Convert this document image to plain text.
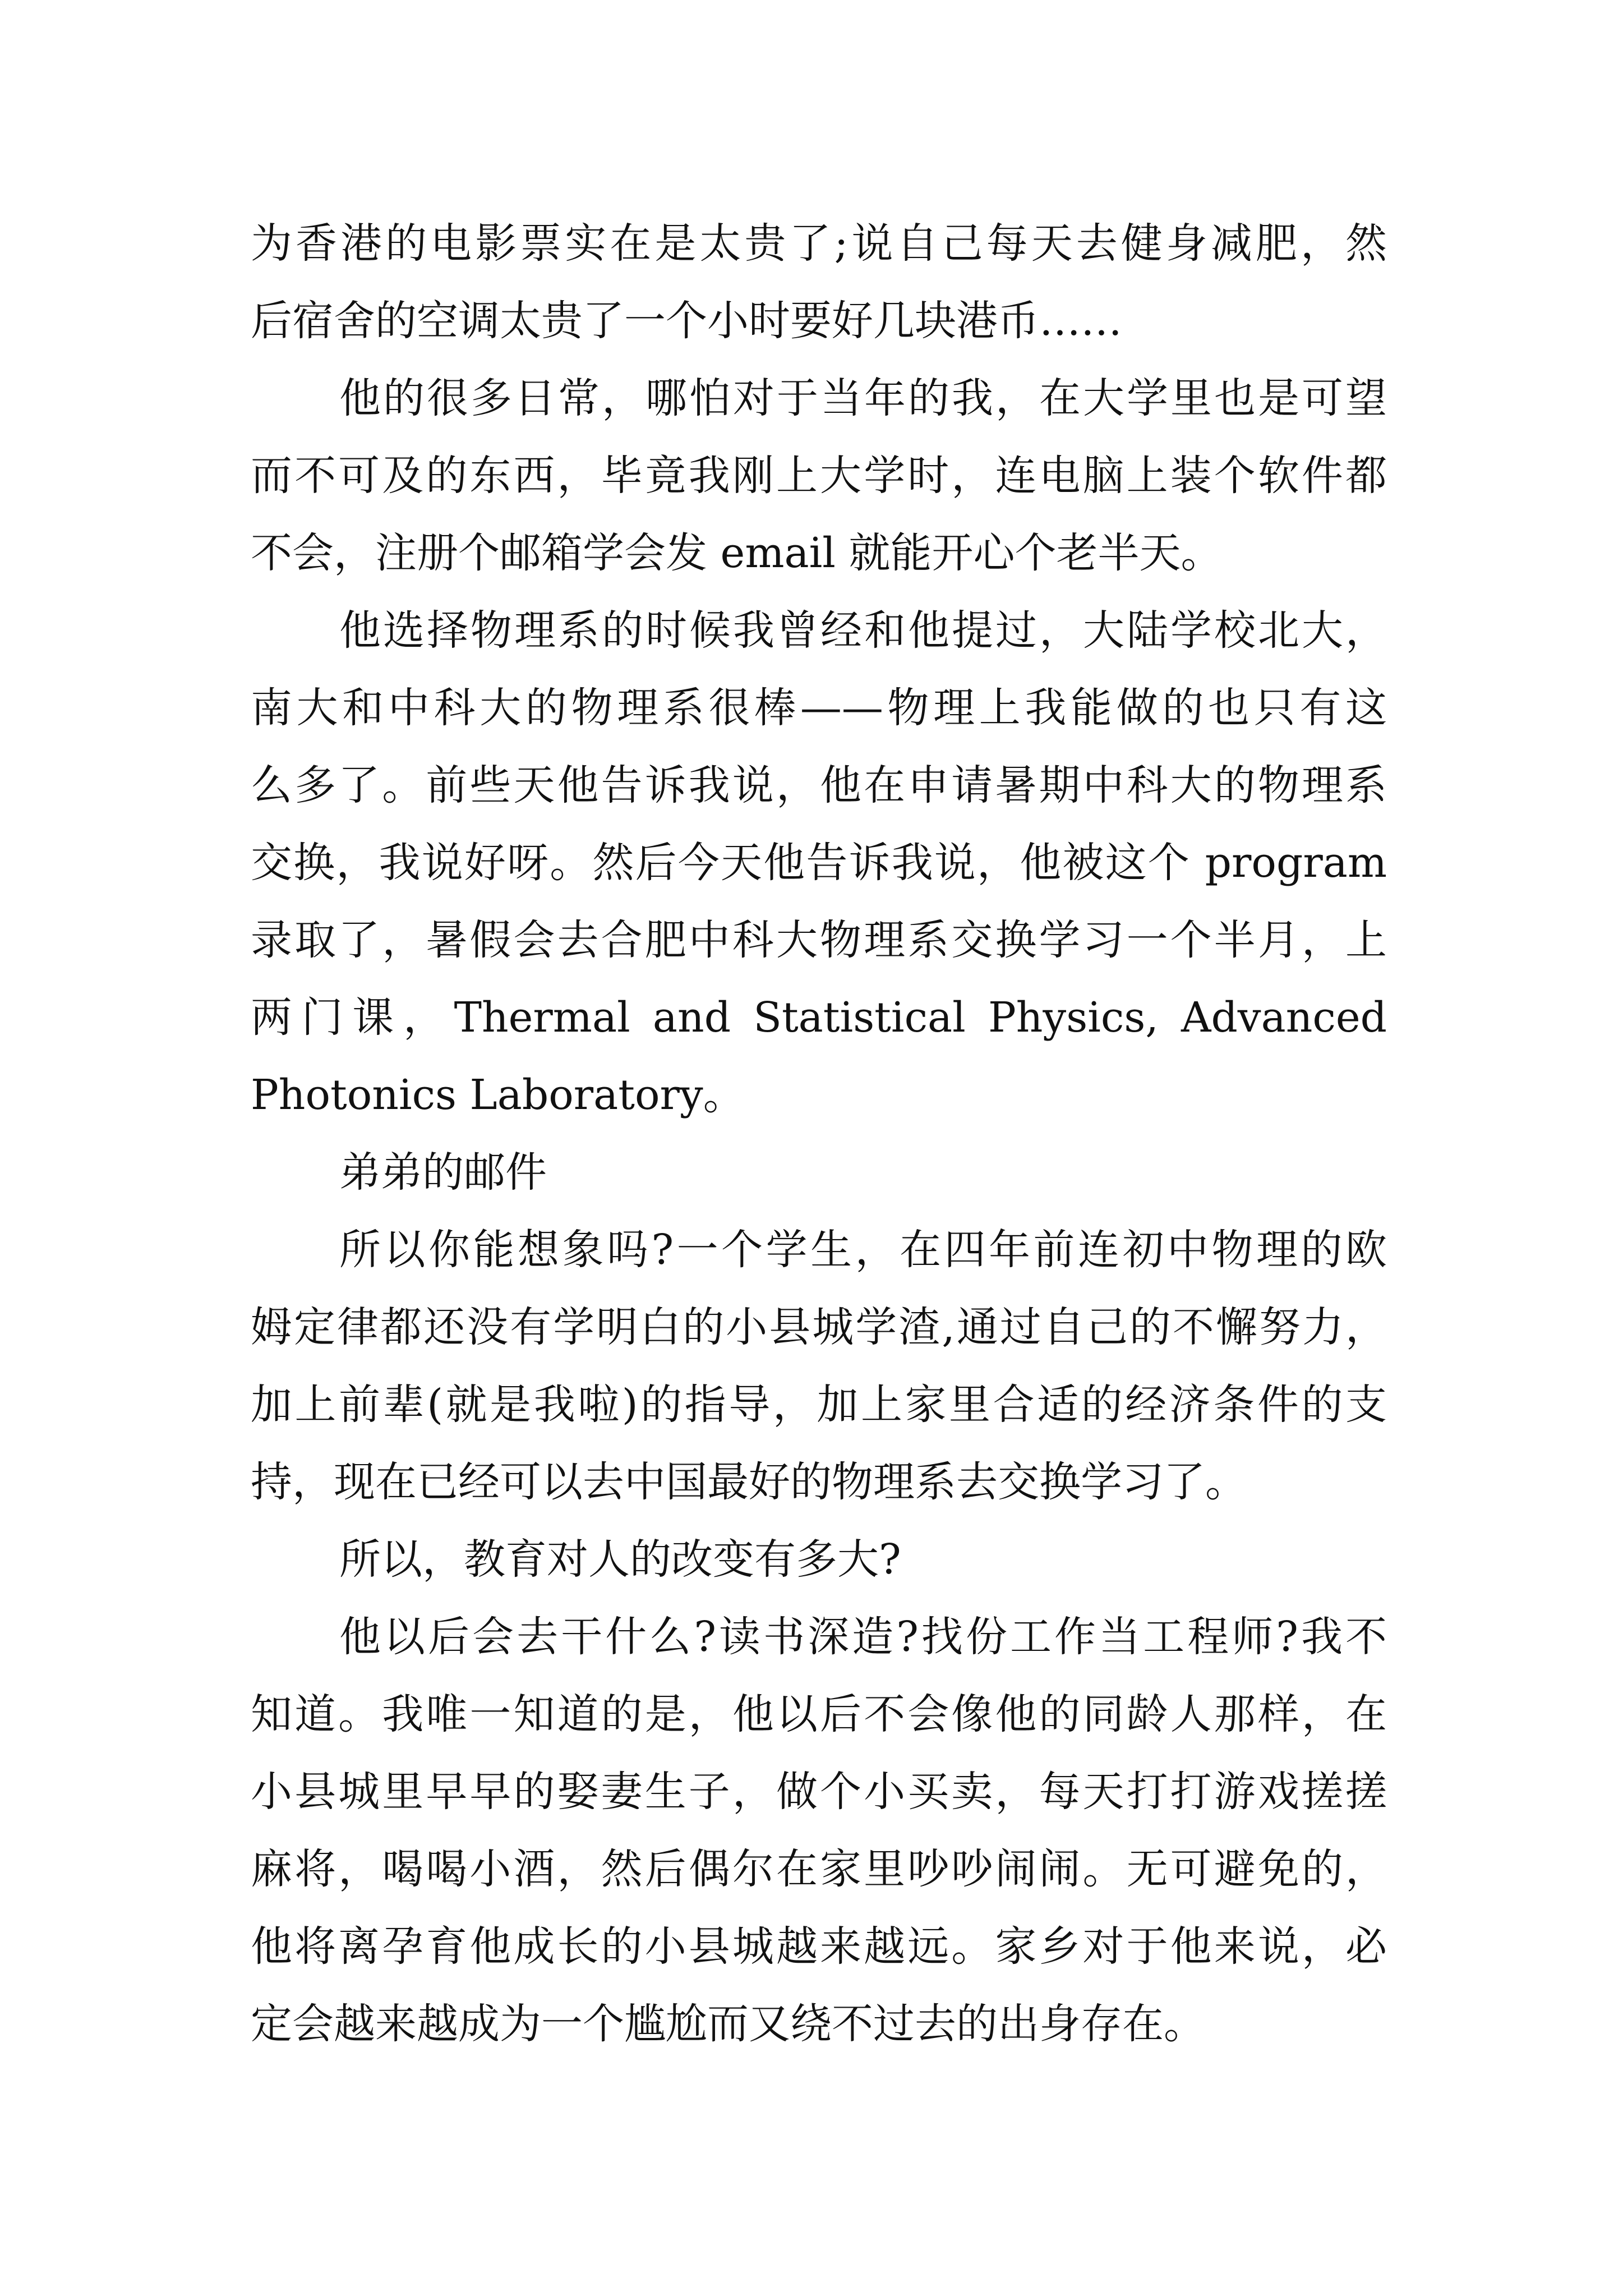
为香港的电影票实在是太贵了;说自己每天去健身减肥，然
后宿舍的空调太贵了一个小时要好几块港币……
他的很多日常，哪怕对于当年的我，在大学里也是可望
而不可及的东西，毕竟我刚上大学时，连电脑上装个软件都
不会，注册个邮箱学会发 email 就能开心个老半天。
他选择物理系的时候我曾经和他提过，大陆学校北大，
南大和中科大的物理系很棒——物理上我能做的也只有这
么多了。前些天他告诉我说，他在申请暑期中科大的物理系
交换，我说好呀。然后今天他告诉我说，他被这个 program
录取了，暑假会去合肥中科大物理系交换学习一个半月，上
两门课，Thermal and Statistical Physics, Advanced
Photonics Laboratory。
弟弟的邮件
所以你能想象吗?一个学生，在四年前连初中物理的欧
姆定律都还没有学明白的小县城学渣,通过自己的不懈努力，
加上前辈(就是我啦)的指导，加上家里合适的经济条件的支
持，现在已经可以去中国最好的物理系去交换学习了。
所以，教育对人的改变有多大?
他以后会去干什么?读书深造?找份工作当工程师?我不
知道。我唯一知道的是，他以后不会像他的同龄人那样，在
小县城里早早的娶妻生子，做个小买卖，每天打打游戏搓搓
麻将，喝喝小酒，然后偶尔在家里吵吵闹闹。无可避免的，
他将离孕育他成长的小县城越来越远。家乡对于他来说，必
定会越来越成为一个尴尬而又绕不过去的出身存在。
